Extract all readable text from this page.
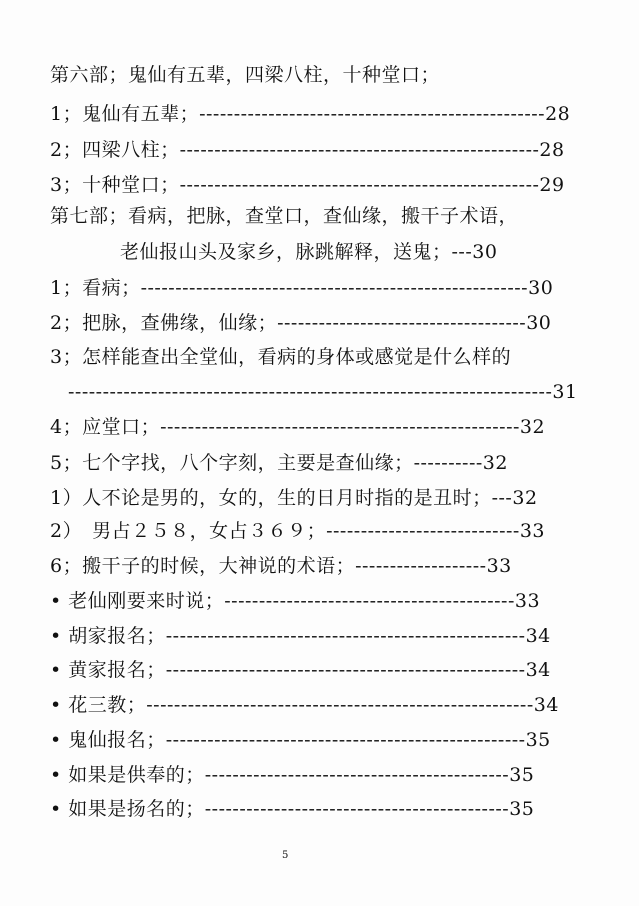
第六部；鬼仙有五辈，四梁八柱，十种堂口；
1；鬼仙有五辈；--------------------------------------------------28
2；四梁八柱；----------------------------------------------------28
3；十种堂口；----------------------------------------------------29
第七部；看病，把脉，查堂口，查仙缘，搬干子术语，
老仙报山头及家乡，脉跳解释，送鬼；---30
1；看病；--------------------------------------------------------30
2；把脉，查佛缘，仙缘；------------------------------------30
3；怎样能查出全堂仙，看病的身体或感觉是什么样的
----------------------------------------------------------------------31
4；应堂口；----------------------------------------------------32
5；七个字找，八个字刻，主要是查仙缘；----------32
1）人不论是男的，女的，生的日月时指的是丑时；---32
2）　男占２５８，女占３６９；----------------------------33
6；搬干子的时候，大神说的术语；-------------------33
• 老仙刚要来时说；------------------------------------------33
• 胡家报名；----------------------------------------------------34
• 黄家报名；----------------------------------------------------34
• 花三教；--------------------------------------------------------34
• 鬼仙报名；----------------------------------------------------35
• 如果是供奉的；--------------------------------------------35
• 如果是扬名的；--------------------------------------------35
5
